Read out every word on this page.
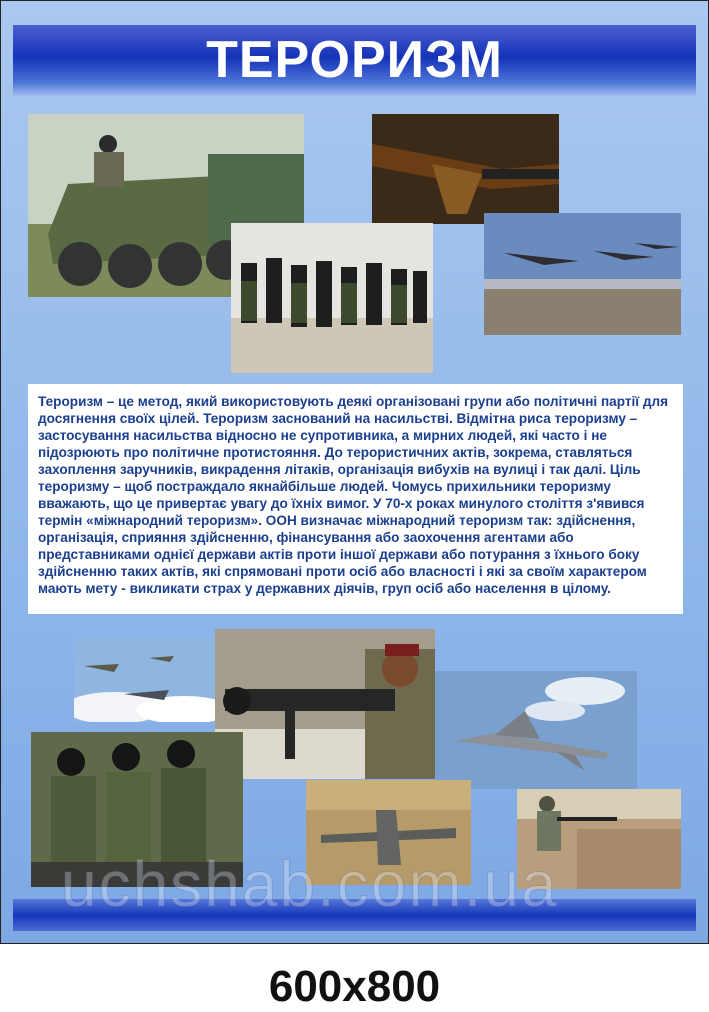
ТЕРОРИЗМ

Тероризм – це метод, який використовують деякі організовані групи або політичні партії для досягнення своїх цілей. Тероризм заснований на насильстві. Відмітна риса тероризму – застосування насильства відносно не супротивника, а мирних людей, які часто і не підозрюють про політичне протистояння. До терористичних актів, зокрема, ставляться захоплення заручників, викрадення літаків, організація вибухів на вулиці і так далі. Ціль тероризму – щоб постраждало якнайбільше людей. Чомусь прихильники тероризму вважають, що це привертає увагу до їхніх вимог. У 70-х роках минулого століття з'явився термін «міжнародний тероризм». ООН визначає міжнародний тероризм так: здійснення, організація, сприяння здійсненню, фінансування або заохочення агентами або представниками однієї держави актів проти іншої держави або потурання з їхнього боку здійсненню таких актів, які спрямовані проти осіб або власності і які за своїм характером мають мету - викликати страх у державних діячів, груп осіб або населення в цілому.

uchshab.com.ua
600x800
